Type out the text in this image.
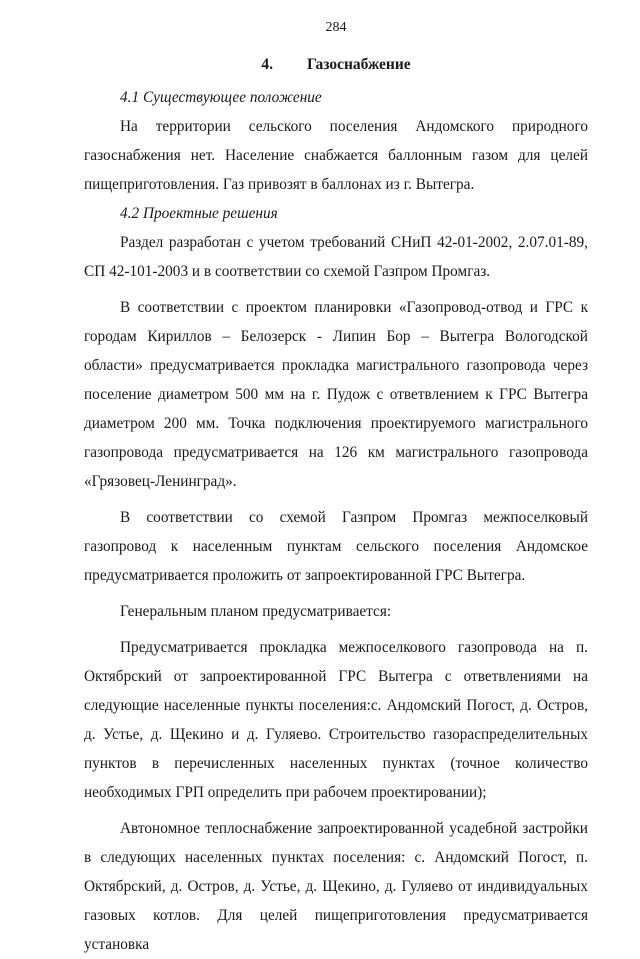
284
4. Газоснабжение
4.1 Существующее положение

На территории сельского поселения Андомского природного газоснабжения нет. Население снабжается баллонным газом для целей пищеприготовления. Газ привозят в баллонах из г. Вытегра.

4.2 Проектные решения

Раздел разработан с учетом требований СНиП 42-01-2002, 2.07.01-89, СП 42-101-2003 и в соответствии со схемой Газпром Промгаз.

В соответствии с проектом планировки «Газопровод-отвод и ГРС к городам Кириллов – Белозерск - Липин Бор – Вытегра Вологодской области» предусматривается прокладка магистрального газопровода через поселение диаметром 500 мм на г. Пудож с ответвлением к ГРС Вытегра диаметром 200 мм. Точка подключения проектируемого магистрального газопровода предусматривается на 126 км магистрального газопровода «Грязовец-Ленинград».

В соответствии со схемой Газпром Промгаз межпоселковый газопровод к населенным пунктам сельского поселения Андомское предусматривается проложить от запроектированной ГРС Вытегра.

Генеральным планом предусматривается:

Предусматривается прокладка межпоселкового газопровода на п. Октябрский от запроектированной ГРС Вытегра с ответвлениями на следующие населенные пункты поселения:с. Андомский Погост, д. Остров, д. Устье, д. Щекино и д. Гуляево. Строительство газораспределительных пунктов в перечисленных населенных пунктах (точное количество необходимых ГРП определить при рабочем проектировании);

Автономное теплоснабжение запроектированной усадебной застройки в следующих населенных пунктах поселения: с. Андомский Погост, п. Октябрский, д. Остров, д. Устье, д. Щекино, д. Гуляево от индивидуальных газовых котлов. Для целей пищеприготовления предусматривается установка
